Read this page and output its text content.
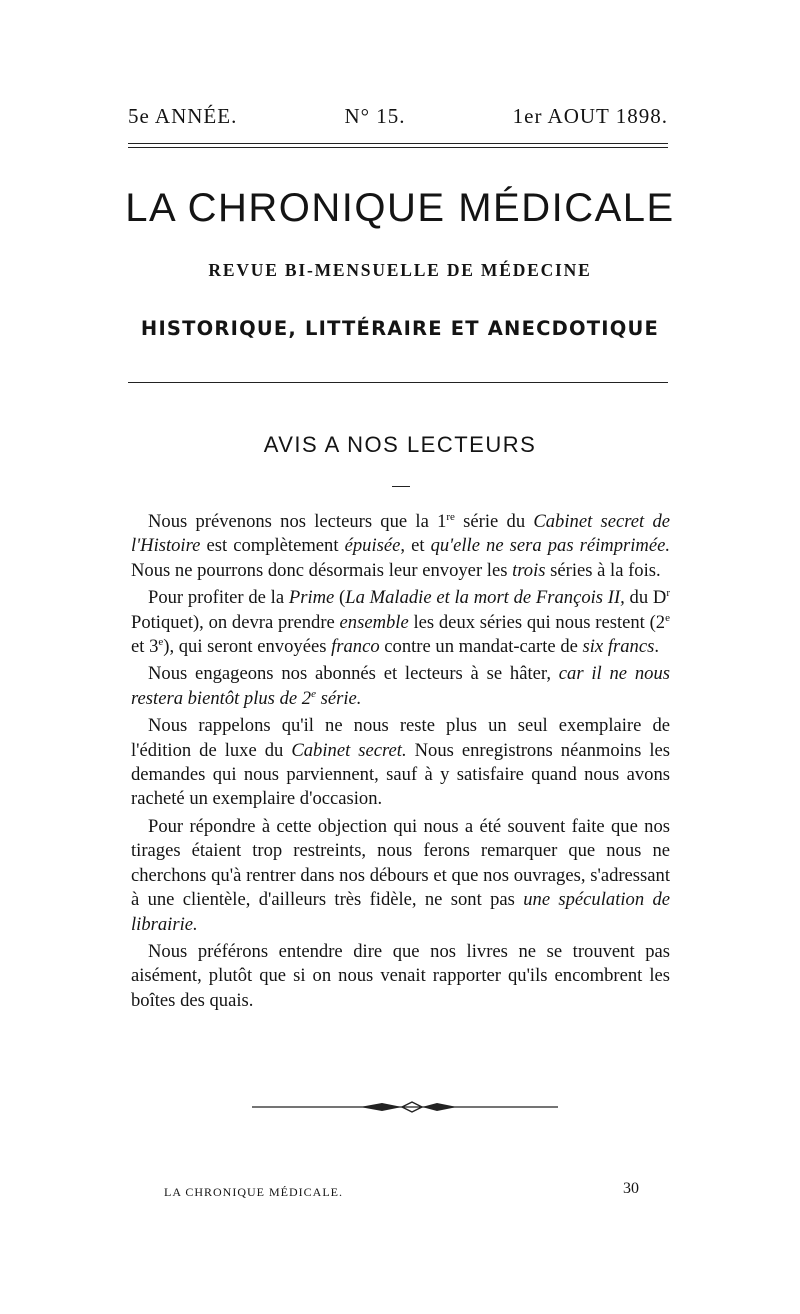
5e ANNÉE.	N° 15.	1er AOUT 1898.
LA CHRONIQUE MÉDICALE
REVUE BI-MENSUELLE DE MÉDECINE
HISTORIQUE, LITTÉRAIRE ET ANECDOTIQUE
AVIS A NOS LECTEURS

Nous prévenons nos lecteurs que la 1re série du Cabinet secret de l'Histoire est complètement épuisée, et qu'elle ne sera pas réimprimée. Nous ne pourrons donc désormais leur envoyer les trois séries à la fois.

Pour profiter de la Prime (La Maladie et la mort de François II, du $D^r$ Potiquet), on devra prendre ensemble les deux séries qui nous restent (2e et 3e), qui seront envoyées franco contre un mandat-carte de six francs.

Nous engageons nos abonnés et lecteurs à se hâter, car il ne nous restera bientôt plus de 2e série.

Nous rappelons qu'il ne nous reste plus un seul exemplaire de l'édition de luxe du Cabinet secret. Nous enregistrons néanmoins les demandes qui nous parviennent, sauf à y satisfaire quand nous avons racheté un exemplaire d'occasion.

Pour répondre à cette objection qui nous a été souvent faite que nos tirages étaient trop restreints, nous ferons remarquer que nous ne cherchons qu'à rentrer dans nos débours et que nos ouvrages, s'adressant à une clientèle, d'ailleurs très fidèle, ne sont pas une spéculation de librairie.

Nous préférons entendre dire que nos livres ne se trouvent pas aisément, plutôt que si on nous venait rapporter qu'ils encombrent les boîtes des quais.

LA CHRONIQUE MÉDICALE.	30
